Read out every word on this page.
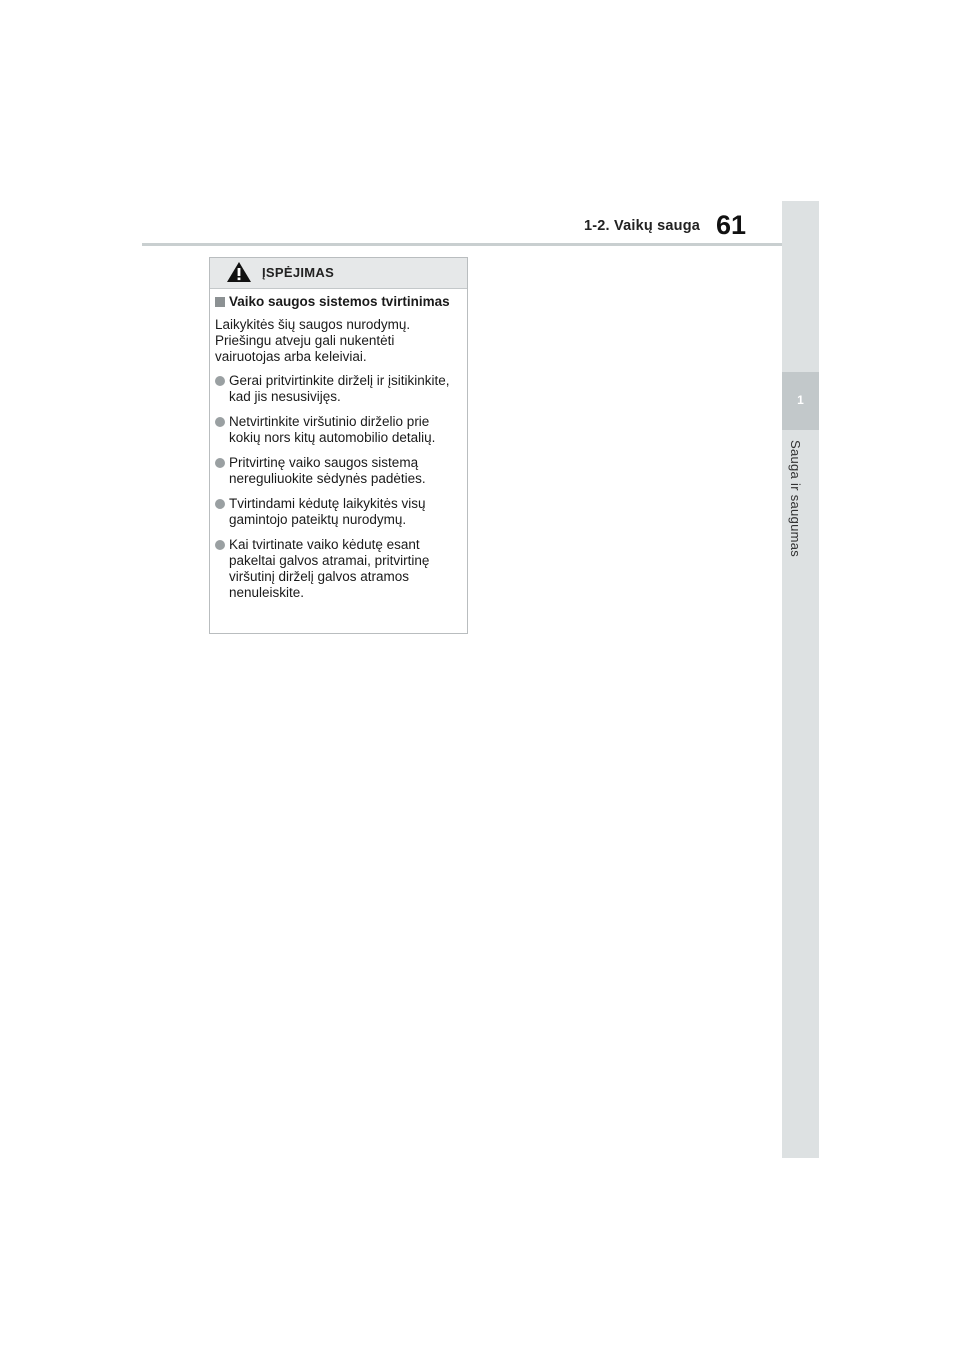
1-2. Vaikų sauga 61
1
Sauga ir saugumas
ĮSPĖJIMAS
Vaiko saugos sistemos tvirtinimas
Laikykitės šių saugos nurodymų. Priešingu atveju gali nukentėti vairuotojas arba keleiviai.
Gerai pritvirtinkite dirželį ir įsitikinkite, kad jis nesusivijęs.
Netvirtinkite viršutinio dirželio prie kokių nors kitų automobilio detalių.
Pritvirtinę vaiko saugos sistemą nereguliuokite sėdynės padėties.
Tvirtindami kėdutę laikykitės visų gamintojo pateiktų nurodymų.
Kai tvirtinate vaiko kėdutę esant pakeltai galvos atramai, pritvirtinę viršutinį dirželį galvos atramos nenuleiskite.
